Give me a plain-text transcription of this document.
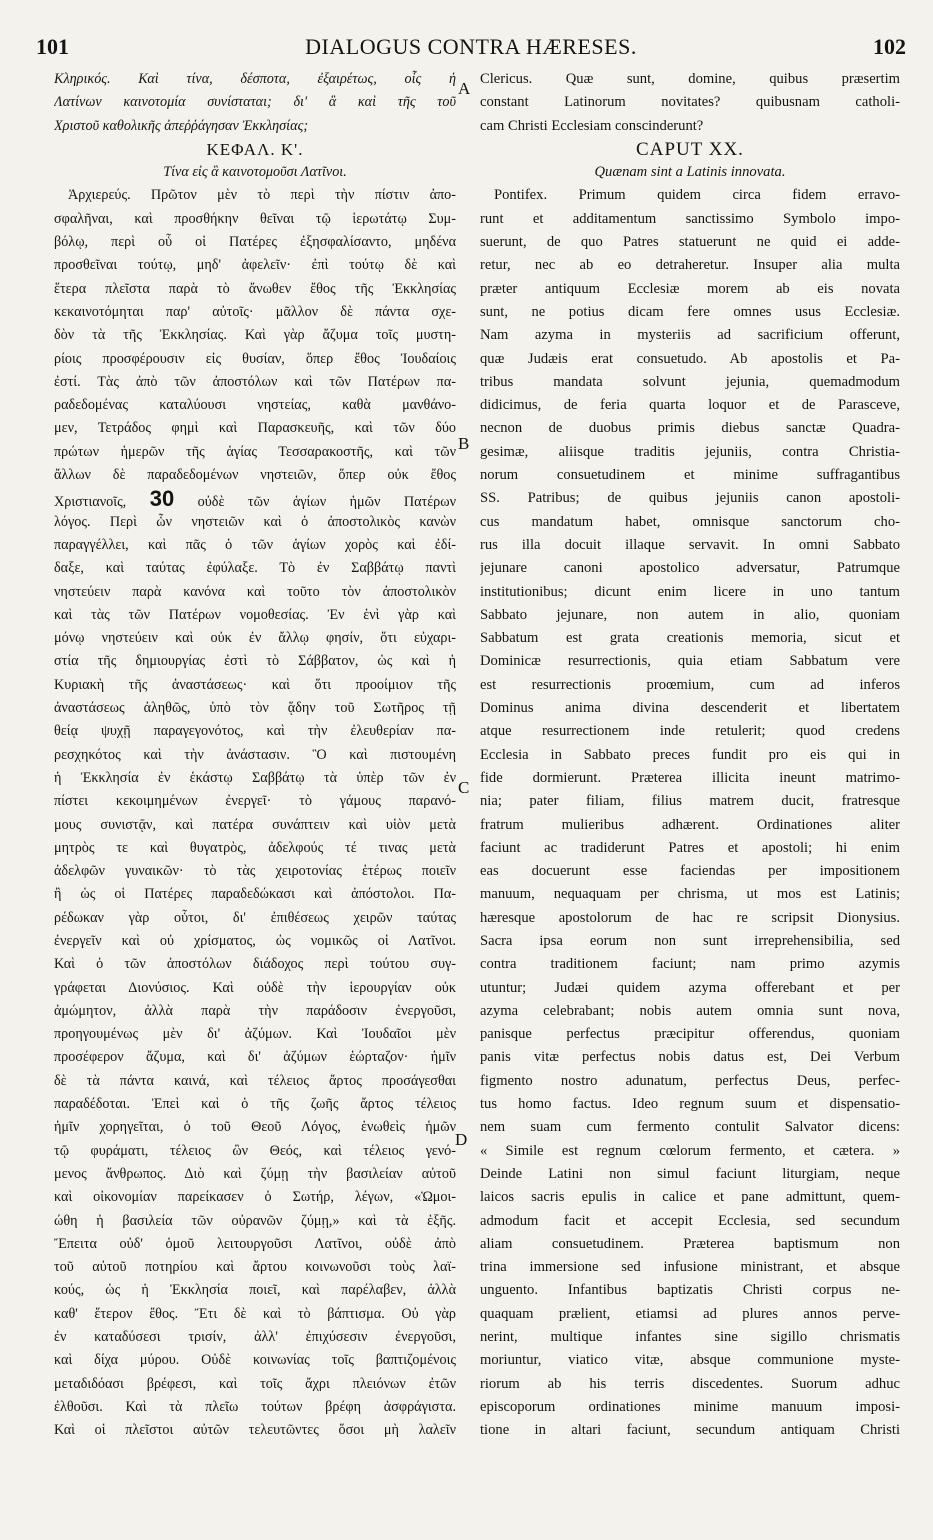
101	DIALOGUS CONTRA HÆRESES.	102
A
B
C
D
Κληρικός. Καὶ τίνα, δέσποτα, ἐξαιρέτως, οἷς ἡ
Λατίνων καινοτομία συνίσταται; δι' ἃ καὶ τῆς τοῦ
Χριστοῦ καθολικῆς ἀπεῤῥάγησαν Ἐκκλησίας;
ΚΕΦΑΛ. Κ'.
Τίνα εἰς ἃ καινοτομοῦσι Λατῖνοι.
Ἀρχιερεύς. Πρῶτον μὲν τὸ περὶ τὴν πίστιν ἀπο-
σφαλῆναι, καὶ προσθήκην θεῖναι τῷ ἱερωτάτῳ Συμ-
βόλῳ, περὶ οὗ οἱ Πατέρες ἐξησφαλίσαντο, μηδένα
προσθεῖναι τούτῳ, μηδ' ἀφελεῖν· ἐπὶ τούτῳ δὲ καὶ
ἕτερα πλεῖστα παρὰ τὸ ἄνωθεν ἔθος τῆς Ἐκκλησίας
κεκαινοτόμηται παρ' αὐτοῖς· μᾶλλον δὲ πάντα σχε-
δὸν τὰ τῆς Ἐκκλησίας. Καὶ γὰρ ἄζυμα τοῖς μυστη-
ρίοις προσφέρουσιν εἰς θυσίαν, ὅπερ ἔθος Ἰουδαίοις
ἐστί. Τὰς ἀπὸ τῶν ἀποστόλων καὶ τῶν Πατέρων πα-
ραδεδομένας καταλύουσι νηστείας, καθὰ μανθάνο-
μεν, Τετράδος φημὶ καὶ Παρασκευῆς, καὶ τῶν δύο
πρώτων ἡμερῶν τῆς ἁγίας Τεσσαρακοστῆς, καὶ τῶν
ἄλλων δὲ παραδεδομένων νηστειῶν, ὅπερ οὐκ ἔθος
Χριστιανοῖς, 30 οὐδὲ τῶν ἁγίων ἡμῶν Πατέρων
λόγος. Περὶ ὧν νηστειῶν καὶ ὁ ἀποστολικὸς κανὼν
παραγγέλλει, καὶ πᾶς ὁ τῶν ἁγίων χορὸς καὶ ἐδί-
δαξε, καὶ ταύτας ἐφύλαξε. Τὸ ἐν Σαββάτῳ παντὶ
νηστεύειν παρὰ κανόνα καὶ τοῦτο τὸν ἀποστολικὸν
καὶ τὰς τῶν Πατέρων νομοθεσίας. Ἐν ἑνὶ γὰρ καὶ
μόνῳ νηστεύειν καὶ οὐκ ἐν ἄλλῳ φησίν, ὅτι εὐχαρι-
στία τῆς δημιουργίας ἐστὶ τὸ Σάββατον, ὡς καὶ ἡ
Κυριακὴ τῆς ἀναστάσεως· καὶ ὅτι προοίμιον τῆς
ἀναστάσεως ἀληθῶς, ὑπὸ τὸν ᾅδην τοῦ Σωτῆρος τῇ
θείᾳ ψυχῇ παραγεγονότος, καὶ τὴν ἐλευθερίαν πα-
ρεσχηκότος καὶ τὴν ἀνάστασιν. Ὃ καὶ πιστουμένη
ἡ Ἐκκλησία ἐν ἑκάστῳ Σαββάτῳ τὰ ὑπὲρ τῶν ἐν
πίστει κεκοιμημένων ἐνεργεῖ· τὸ γάμους παρανό-
μους συνιστᾷν, καὶ πατέρα συνάπτειν καὶ υἱὸν μετὰ
μητρὸς τε καὶ θυγατρὸς, ἀδελφούς τέ τινας μετὰ
ἀδελφῶν γυναικῶν· τὸ τὰς χειροτονίας ἑτέρως ποιεῖν
ἢ ὡς οἱ Πατέρες παραδεδώκασι καὶ ἀπόστολοι. Πα-
ρέδωκαν γὰρ οὗτοι, δι' ἐπιθέσεως χειρῶν ταύτας
ἐνεργεῖν καὶ οὐ χρίσματος, ὡς νομικῶς οἱ Λατῖνοι.
Καὶ ὁ τῶν ἀποστόλων διάδοχος περὶ τούτου συγ-
γράφεται Διονύσιος. Καὶ οὐδὲ τὴν ἱερουργίαν οὐκ
ἀμώμητον, ἀλλὰ παρὰ τὴν παράδοσιν ἐνεργοῦσι,
προηγουμένως μὲν δι' ἀζύμων. Καὶ Ἰουδαῖοι μὲν
προσέφερον ἄζυμα, καὶ δι' ἀζύμων ἑώρταζον· ἡμῖν
δὲ τὰ πάντα καινά, καὶ τέλειος ἄρτος προσάγεσθαι
παραδέδοται. Ἐπεὶ καὶ ὁ τῆς ζωῆς ἄρτος τέλειος
ἡμῖν χορηγεῖται, ὁ τοῦ Θεοῦ Λόγος, ἑνωθεὶς ἡμῶν
τῷ φυράματι, τέλειος ὢν Θεός, καὶ τέλειος γενό-
μενος ἄνθρωπος. Διὸ καὶ ζύμῃ τὴν βασιλείαν αὐτοῦ
καὶ οἰκονομίαν παρείκασεν ὁ Σωτήρ, λέγων, «Ὡμοι-
ώθη ἡ βασιλεία τῶν οὐρανῶν ζύμῃ,» καὶ τὰ ἑξῆς.
Ἔπειτα οὐδ' ὁμοῦ λειτουργοῦσι Λατῖνοι, οὐδὲ ἀπὸ
τοῦ αὐτοῦ ποτηρίου καὶ ἄρτου κοινωνοῦσι τοὺς λαϊ-
κούς, ὡς ἡ Ἐκκλησία ποιεῖ, καὶ παρέλαβεν, ἀλλὰ
καθ' ἕτερον ἔθος. Ἔτι δὲ καὶ τὸ βάπτισμα. Οὐ γὰρ
ἐν καταδύσεσι τρισίν, ἀλλ' ἐπιχύσεσιν ἐνεργοῦσι,
καὶ δίχα μύρου. Οὐδὲ κοινωνίας τοῖς βαπτιζομένοις
μεταδιδόασι βρέφεσι, καὶ τοῖς ἄχρι πλειόνων ἐτῶν
ἐλθοῦσι. Καὶ τὰ πλεῖω τούτων βρέφη ἀσφράγιστα.
Καὶ οἱ πλεῖστοι αὐτῶν τελευτῶντες ὅσοι μὴ λαλεῖν
Clericus. Quæ sunt, domine, quibus præsertim
constant Latinorum novitates? quibusnam catholi-
cam Christi Ecclesiam conscinderunt?
CAPUT XX.
Quænam sint a Latinis innovata.
Pontifex. Primum quidem circa fidem erravo-
runt et additamentum sanctissimo Symbolo impo-
suerunt, de quo Patres statuerunt ne quid ei adde-
retur, nec ab eo detraheretur. Insuper alia multa
præter antiquum Ecclesiæ morem ab eis novata
sunt, ne potius dicam fere omnes usus Ecclesiæ.
Nam azyma in mysteriis ad sacrificium offerunt,
quæ Judæis erat consuetudo. Ab apostolis et Pa-
tribus mandata solvunt jejunia, quemadmodum
didicimus, de feria quarta loquor et de Parasceve,
necnon de duobus primis diebus sanctæ Quadra-
gesimæ, aliisque traditis jejuniis, contra Christia-
norum consuetudinem et minime suffragantibus
SS. Patribus; de quibus jejuniis canon apostoli-
cus mandatum habet, omnisque sanctorum cho-
rus illa docuit illaque servavit. In omni Sabbato
jejunare canoni apostolico adversatur, Patrumque
institutionibus; dicunt enim licere in uno tantum
Sabbato jejunare, non autem in alio, quoniam
Sabbatum est grata creationis memoria, sicut et
Dominicæ resurrectionis, quia etiam Sabbatum vere
est resurrectionis proœmium, cum ad inferos
Dominus anima divina descenderit et libertatem
atque resurrectionem inde retulerit; quod credens
Ecclesia in Sabbato preces fundit pro eis qui in
fide dormierunt. Præterea illicita ineunt matrimo-
nia; pater filiam, filius matrem ducit, fratresque
fratrum mulieribus adhærent. Ordinationes aliter
faciunt ac tradiderunt Patres et apostoli; hi enim
eas docuerunt esse faciendas per impositionem
manuum, nequaquam per chrisma, ut mos est Latinis;
hæresque apostolorum de hac re scripsit Dionysius.
Sacra ipsa eorum non sunt irreprehensibilia, sed
contra traditionem faciunt; nam primo azymis
utuntur; Judæi quidem azyma offerebant et per
azyma celebrabant; nobis autem omnia sunt nova,
panisque perfectus præcipitur offerendus, quoniam
panis vitæ perfectus nobis datus est, Dei Verbum
figmento nostro adunatum, perfectus Deus, perfec-
tus homo factus. Ideo regnum suum et dispensatio-
nem suam cum fermento contulit Salvator dicens:
« Simile est regnum cœlorum fermento, et cætera. »
Deinde Latini non simul faciunt liturgiam, neque
laicos sacris epulis in calice et pane admittunt, quem-
admodum facit et accepit Ecclesia, sed secundum
aliam consuetudinem. Præterea baptismum non
trina immersione sed infusione ministrant, et absque
unguento. Infantibus baptizatis Christi corpus ne-
quaquam prælient, etiamsi ad plures annos perve-
nerint, multique infantes sine sigillo chrismatis
moriuntur, viatico vitæ, absque communione myste-
riorum ab his terris discedentes. Suorum adhuc
episcoporum ordinationes minime manuum imposi-
tione in altari faciunt, secundum antiquam Christi
